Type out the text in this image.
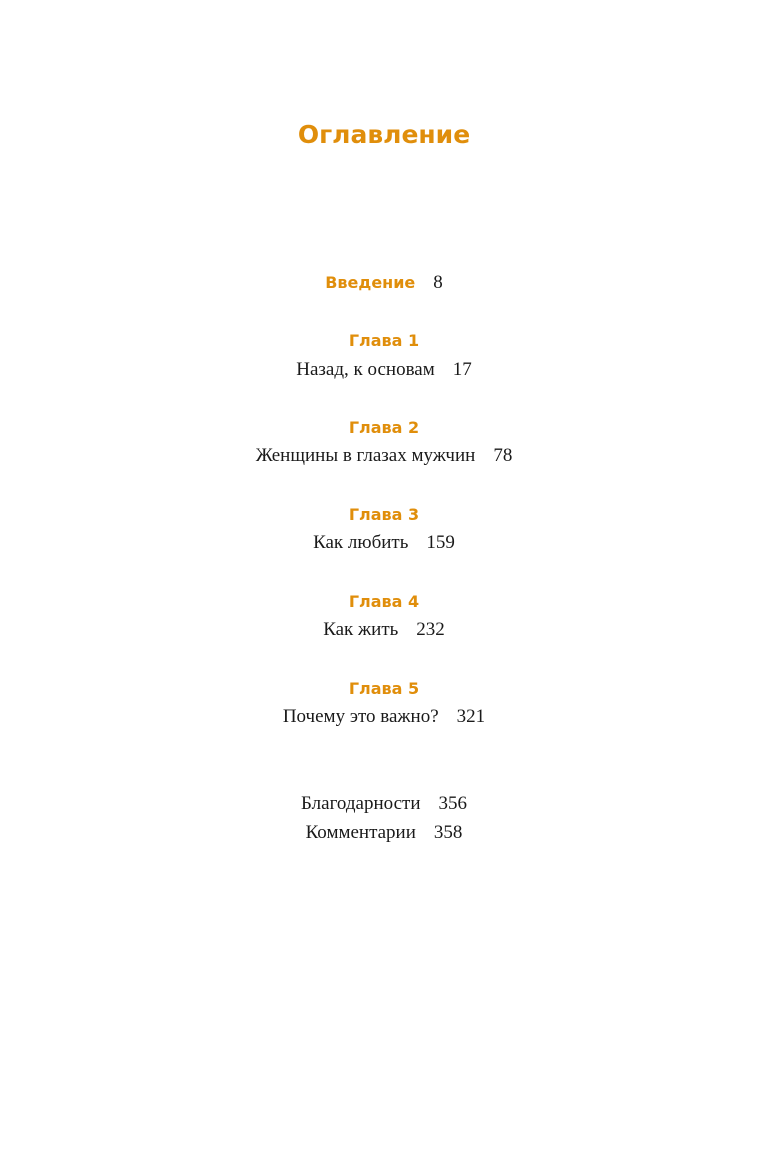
Оглавление
Введение 8
Глава 1
Назад, к основам 17
Глава 2
Женщины в глазах мужчин 78
Глава 3
Как любить 159
Глава 4
Как жить 232
Глава 5
Почему это важно? 321
Благодарности 356
Комментарии 358
